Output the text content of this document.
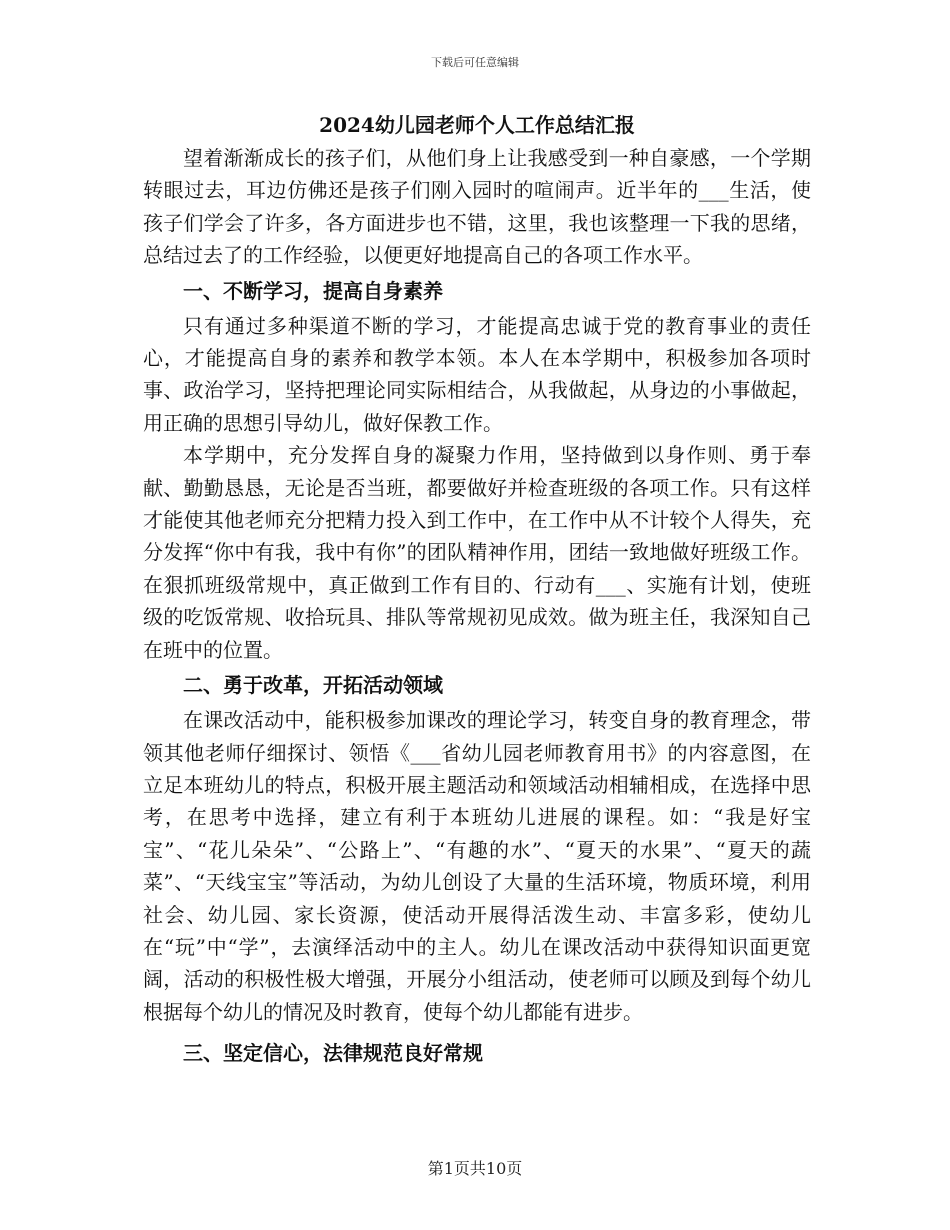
下载后可任意编辑
2024幼儿园老师个人工作总结汇报

望着渐渐成长的孩子们，从他们身上让我感受到一种自豪感，一个学期转眼过去，耳边仿佛还是孩子们刚入园时的喧闹声。近半年的___生活，使孩子们学会了许多，各方面进步也不错，这里，我也该整理一下我的思绪，总结过去了的工作经验，以便更好地提高自己的各项工作水平。

一、不断学习，提高自身素养

只有通过多种渠道不断的学习，才能提高忠诚于党的教育事业的责任心，才能提高自身的素养和教学本领。本人在本学期中，积极参加各项时事、政治学习，坚持把理论同实际相结合，从我做起，从身边的小事做起，用正确的思想引导幼儿，做好保教工作。

本学期中，充分发挥自身的凝聚力作用，坚持做到以身作则、勇于奉献、勤勤恳恳，无论是否当班，都要做好并检查班级的各项工作。只有这样才能使其他老师充分把精力投入到工作中，在工作中从不计较个人得失，充分发挥“你中有我，我中有你”的团队精神作用，团结一致地做好班级工作。在狠抓班级常规中，真正做到工作有目的、行动有___、实施有计划，使班级的吃饭常规、收拾玩具、排队等常规初见成效。做为班主任，我深知自己在班中的位置。

二、勇于改革，开拓活动领域

在课改活动中，能积极参加课改的理论学习，转变自身的教育理念，带领其他老师仔细探讨、领悟《___省幼儿园老师教育用书》的内容意图，在立足本班幼儿的特点，积极开展主题活动和领域活动相辅相成，在选择中思考，在思考中选择，建立有利于本班幼儿进展的课程。如：“我是好宝宝”、“花儿朵朵”、“公路上”、“有趣的水”、“夏天的水果”、“夏天的蔬菜”、“天线宝宝”等活动，为幼儿创设了大量的生活环境，物质环境，利用社会、幼儿园、家长资源，使活动开展得活泼生动、丰富多彩，使幼儿在“玩”中“学”，去演绎活动中的主人。幼儿在课改活动中获得知识面更宽阔，活动的积极性极大增强，开展分小组活动，使老师可以顾及到每个幼儿根据每个幼儿的情况及时教育，使每个幼儿都能有进步。

三、坚定信心，法律规范良好常规

第1页共10页
